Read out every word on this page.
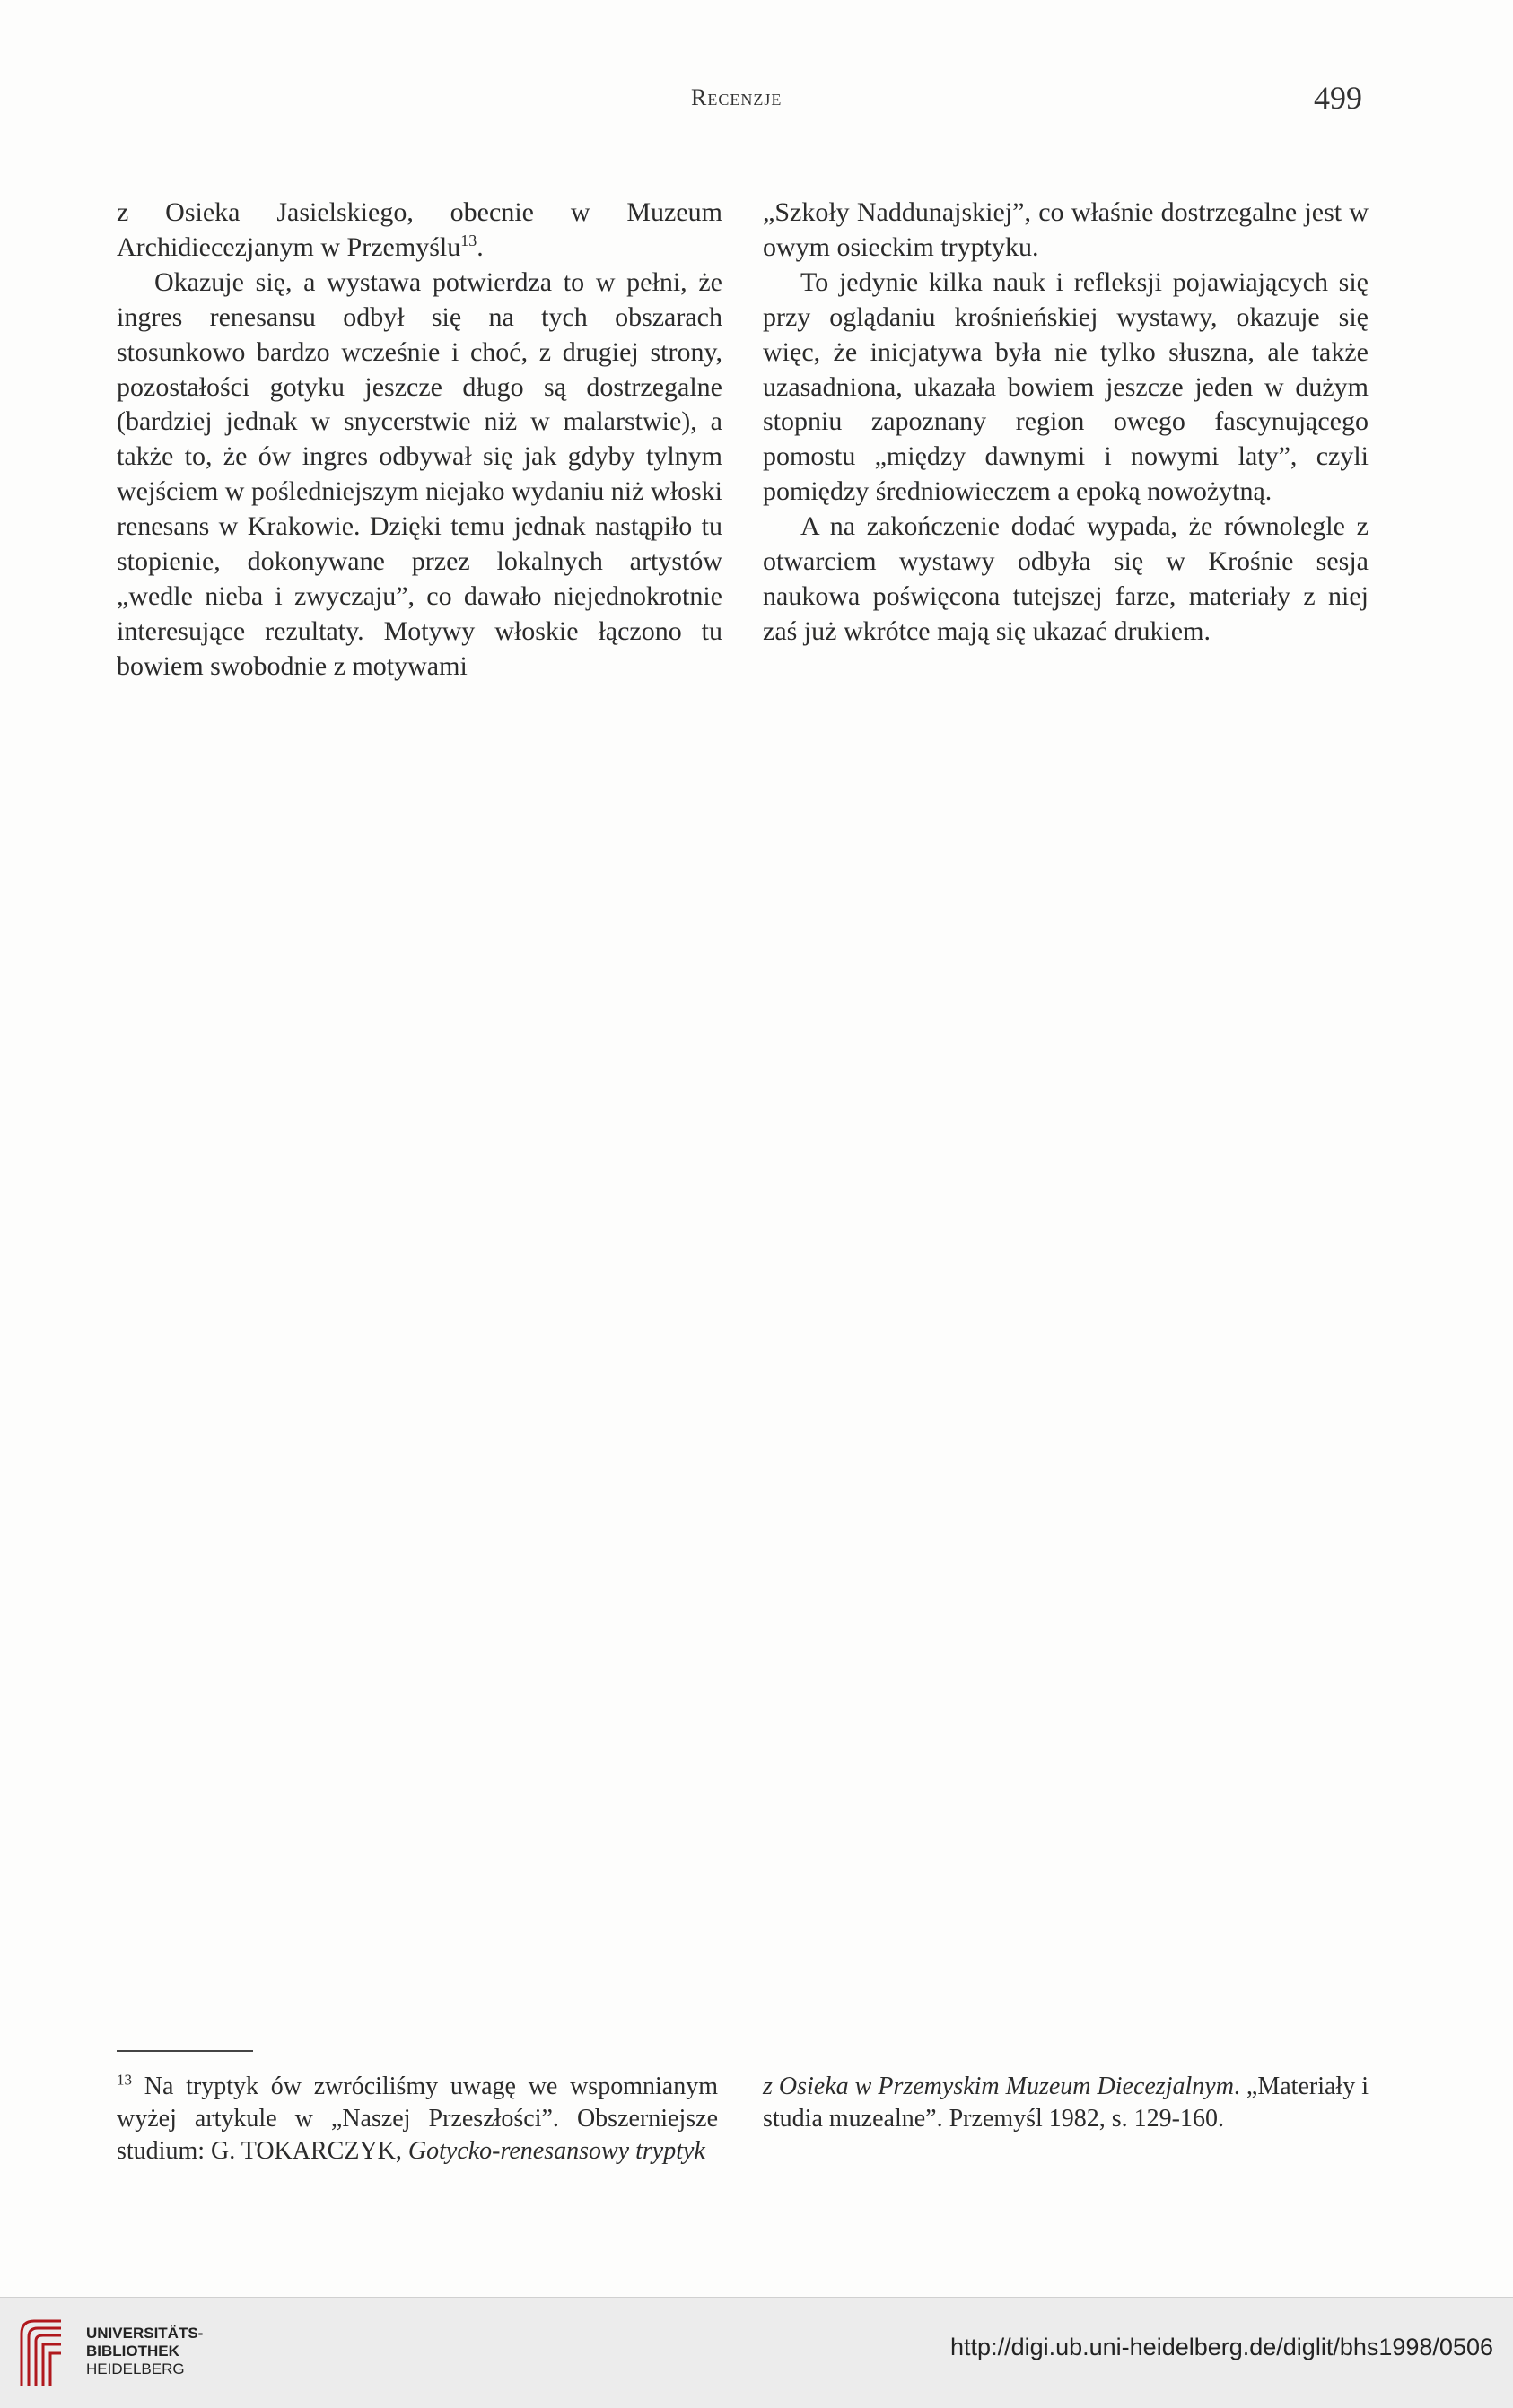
Recenzje	499

z Osieka Jasielskiego, obecnie w Muzeum Archidiecezjanym w Przemyślu$^{13}$.

Okazuje się, a wystawa potwierdza to w pełni, że ingres renesansu odbył się na tych obszarach stosunkowo bardzo wcześnie i choć, z drugiej strony, pozostałości gotyku jeszcze długo są dostrzegalne (bardziej jednak w snycerstwie niż w malarstwie), a także to, że ów ingres odbywał się jak gdyby tylnym wejściem w pośledniejszym niejako wydaniu niż włoski renesans w Krakowie. Dzięki temu jednak nastąpiło tu stopienie, dokonywane przez lokalnych artystów „wedle nieba i zwyczaju”, co dawało niejednokrotnie interesujące rezultaty. Motywy włoskie łączono tu bowiem swobodnie z motywami

„Szkoły Naddunajskiej”, co właśnie dostrzegalne jest w owym osieckim tryptyku.

To jedynie kilka nauk i refleksji pojawiających się przy oglądaniu krośnieńskiej wystawy, okazuje się więc, że inicjatywa była nie tylko słuszna, ale także uzasadniona, ukazała bowiem jeszcze jeden w dużym stopniu zapoznany region owego fascynującego pomostu „między dawnymi i nowymi laty”, czyli pomiędzy średniowieczem a epoką nowożytną.

A na zakończenie dodać wypada, że równolegle z otwarciem wystawy odbyła się w Krośnie sesja naukowa poświęcona tutejszej farze, materiały z niej zaś już wkrótce mają się ukazać drukiem.

$^{13}$ Na tryptyk ów zwróciliśmy uwagę we wspomnianym wyżej artykule w „Naszej Przeszłości”. Obszerniejsze studium: G. TOKARCZYK, Gotycko-renesansowy tryptyk
z Osieka w Przemyskim Muzeum Diecezjalnym. „Materiały i studia muzealne”. Przemyśl 1982, s. 129-160.
UNIVERSITÄTS-
BIBLIOTHEK
HEIDELBERG
http://digi.ub.uni-heidelberg.de/diglit/bhs1998/0506
